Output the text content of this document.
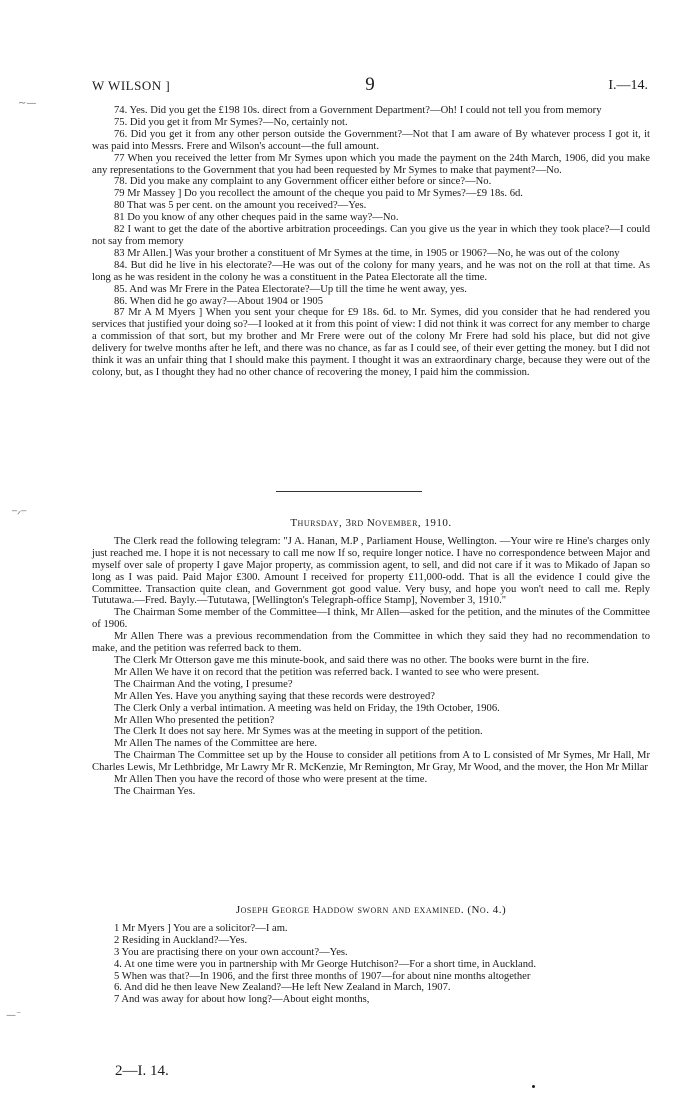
W WILSON ]	9	I.—14.

74. Yes. Did you get the £198 10s. direct from a Government Department?—Oh! I could not tell you from memory

75. Did you get it from Mr Symes?—No, certainly not.

76. Did you get it from any other person outside the Government?—Not that I am aware of By whatever process I got it, it was paid into Messrs. Frere and Wilson's account—the full amount.

77 When you received the letter from Mr Symes upon which you made the payment on the 24th March, 1906, did you make any representations to the Government that you had been requested by Mr Symes to make that payment?—No.

78. Did you make any complaint to any Government officer either before or since?—No.

79 Mr Massey ] Do you recollect the amount of the cheque you paid to Mr Symes?—£9 18s. 6d.

80 That was 5 per cent. on the amount you received?—Yes.

81 Do you know of any other cheques paid in the same way?—No.

82 I want to get the date of the abortive arbitration proceedings. Can you give us the year in which they took place?—I could not say from memory

83 Mr Allen.] Was your brother a constituent of Mr Symes at the time, in 1905 or 1906?—No, he was out of the colony

84. But did he live in his electorate?—He was out of the colony for many years, and he was not on the roll at that time. As long as he was resident in the colony he was a constituent in the Patea Electorate all the time.

85. And was Mr Frere in the Patea Electorate?—Up till the time he went away, yes.

86. When did he go away?—About 1904 or 1905

87 Mr A M Myers ] When you sent your cheque for £9 18s. 6d. to Mr. Symes, did you consider that he had rendered you services that justified your doing so?—I looked at it from this point of view: I did not think it was correct for any member to charge a commission of that sort, but my brother and Mr Frere were out of the colony Mr Frere had sold his place, but did not give delivery for twelve months after he left, and there was no chance, as far as I could see, of their ever getting the money. but I did not think it was an unfair thing that I should make this payment. I thought it was an extraordinary charge, because they were out of the colony, but, as I thought they had no other chance of recovering the money, I paid him the commission.

Thursday, 3rd November, 1910.

The Clerk read the following telegram: "J A. Hanan, M.P , Parliament House, Wellington. —Your wire re Hine's charges only just reached me. I hope it is not necessary to call me now If so, require longer notice. I have no correspondence between Major and myself over sale of property I gave Major property, as commission agent, to sell, and did not care if it was to Mikado of Japan so long as I was paid. Paid Major £300. Amount I received for property £11,000-odd. That is all the evidence I could give the Committee. Transaction quite clean, and Government got good value. Very busy, and hope you won't need to call me. Reply Tututawa.—Fred. Bayly.—Tututawa, [Wellington's Telegraph-office Stamp], November 3, 1910."

The Chairman Some member of the Committee—I think, Mr Allen—asked for the petition, and the minutes of the Committee of 1906.

Mr Allen There was a previous recommendation from the Committee in which they said they had no recommendation to make, and the petition was referred back to them.

The Clerk Mr Otterson gave me this minute-book, and said there was no other. The books were burnt in the fire.

Mr Allen We have it on record that the petition was referred back. I wanted to see who were present.

The Chairman And the voting, I presume?

Mr Allen Yes. Have you anything saying that these records were destroyed?

The Clerk Only a verbal intimation. A meeting was held on Friday, the 19th October, 1906.

Mr Allen Who presented the petition?

The Clerk It does not say here. Mr Symes was at the meeting in support of the petition.

Mr Allen The names of the Committee are here.

The Chairman The Committee set up by the House to consider all petitions from A to L consisted of Mr Symes, Mr Hall, Mr Charles Lewis, Mr Lethbridge, Mr Lawry Mr R. McKenzie, Mr Remington, Mr Gray, Mr Wood, and the mover, the Hon Mr Millar

Mr Allen Then you have the record of those who were present at the time.

The Chairman Yes.

Joseph George Haddow sworn and examined. (No. 4.)

1 Mr Myers ] You are a solicitor?—I am.

2 Residing in Auckland?—Yes.

3 You are practising there on your own account?—Yes.

4. At one time were you in partnership with Mr George Hutchison?—For a short time, in Auckland.

5 When was that?—In 1906, and the first three months of 1907—for about nine months altogether

6. And did he then leave New Zealand?—He left New Zealand in March, 1907.

7 And was away for about how long?—About eight months,

2—I. 14.
~—
‾ᐟ‾
—⁻
